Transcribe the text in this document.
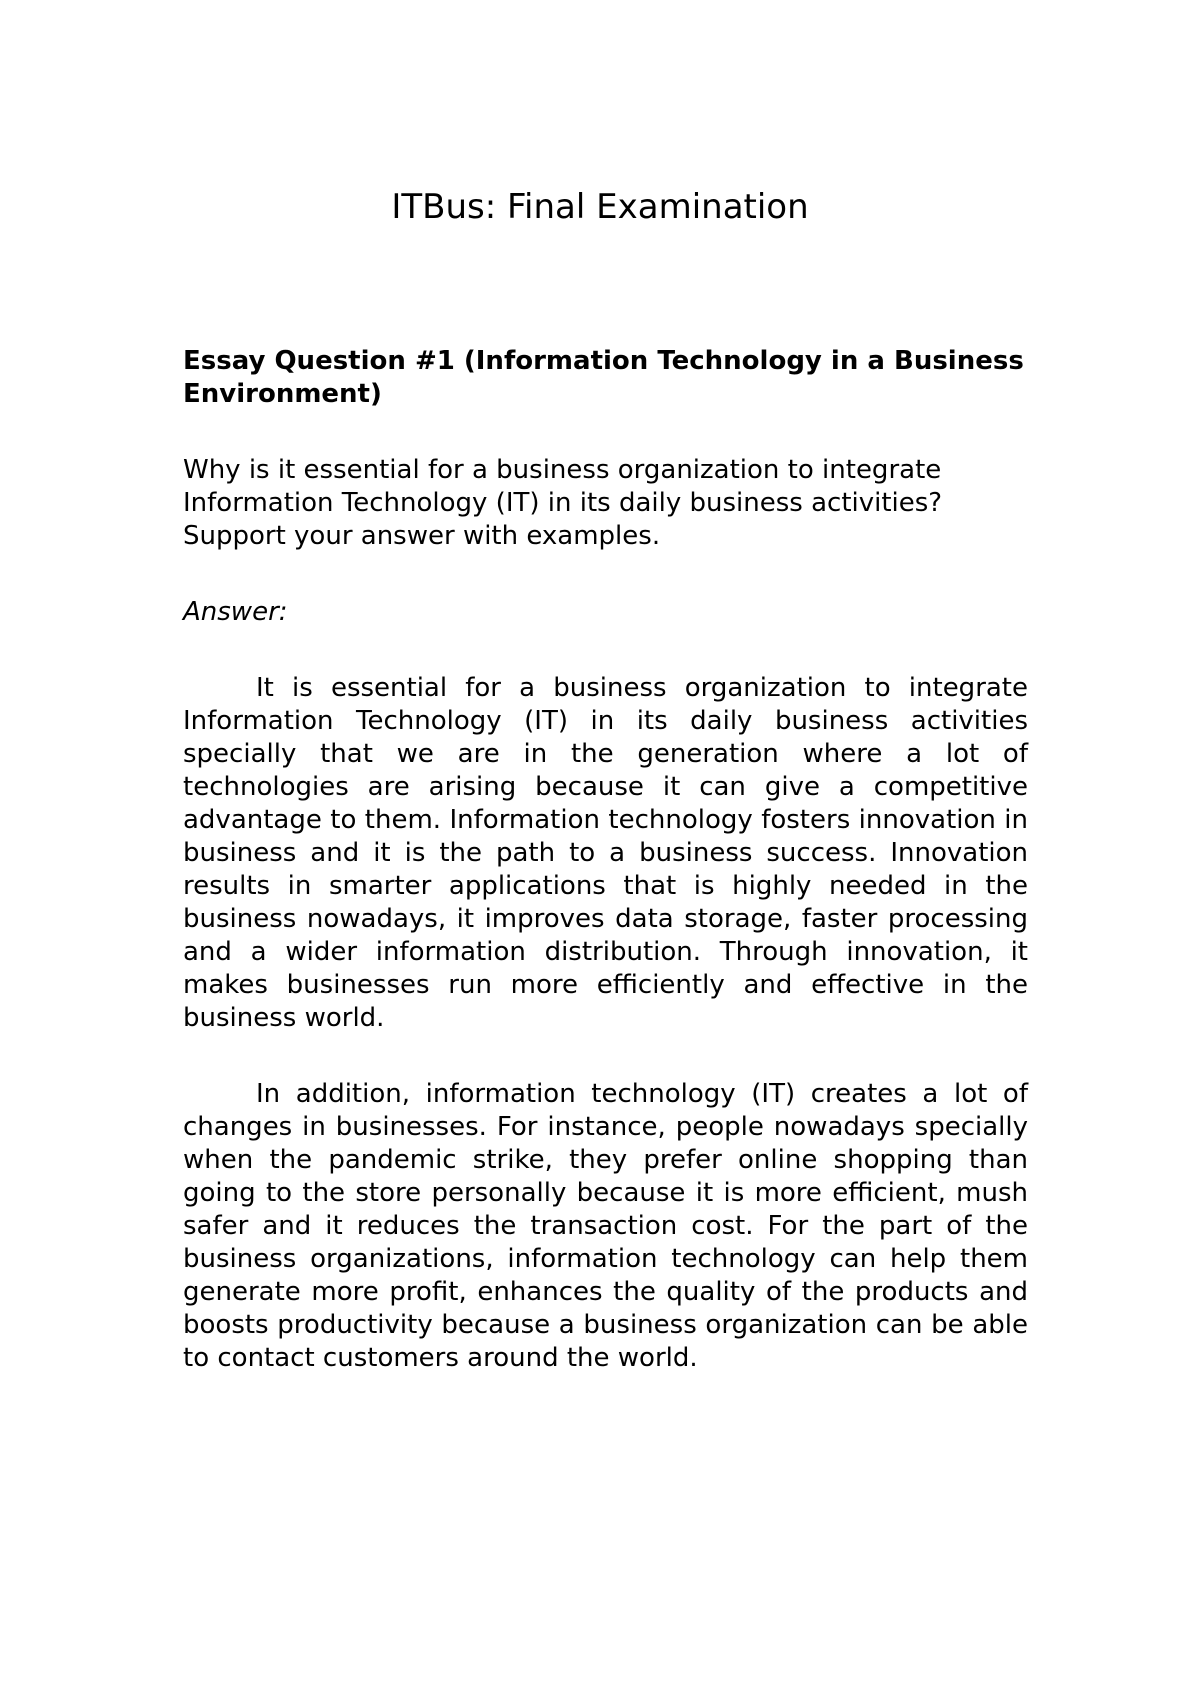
ITBus: Final Examination

Essay Question #1 (Information Technology in a Business Environment)

Why is it essential for a business organization to integrate Information Technology (IT) in its daily business activities? Support your answer with examples.

Answer:

It is essential for a business organization to integrate Information Technology (IT) in its daily business activities specially that we are in the generation where a lot of technologies are arising because it can give a competitive advantage to them. Information technology fosters innovation in business and it is the path to a business success. Innovation results in smarter applications that is highly needed in the business nowadays, it improves data storage, faster processing and a wider information distribution. Through innovation, it makes businesses run more efficiently and effective in the business world.

In addition, information technology (IT) creates a lot of changes in businesses. For instance, people nowadays specially when the pandemic strike, they prefer online shopping than going to the store personally because it is more efficient, mush safer and it reduces the transaction cost. For the part of the business organizations, information technology can help them generate more profit, enhances the quality of the products and boosts productivity because a business organization can be able to contact customers around the world.
